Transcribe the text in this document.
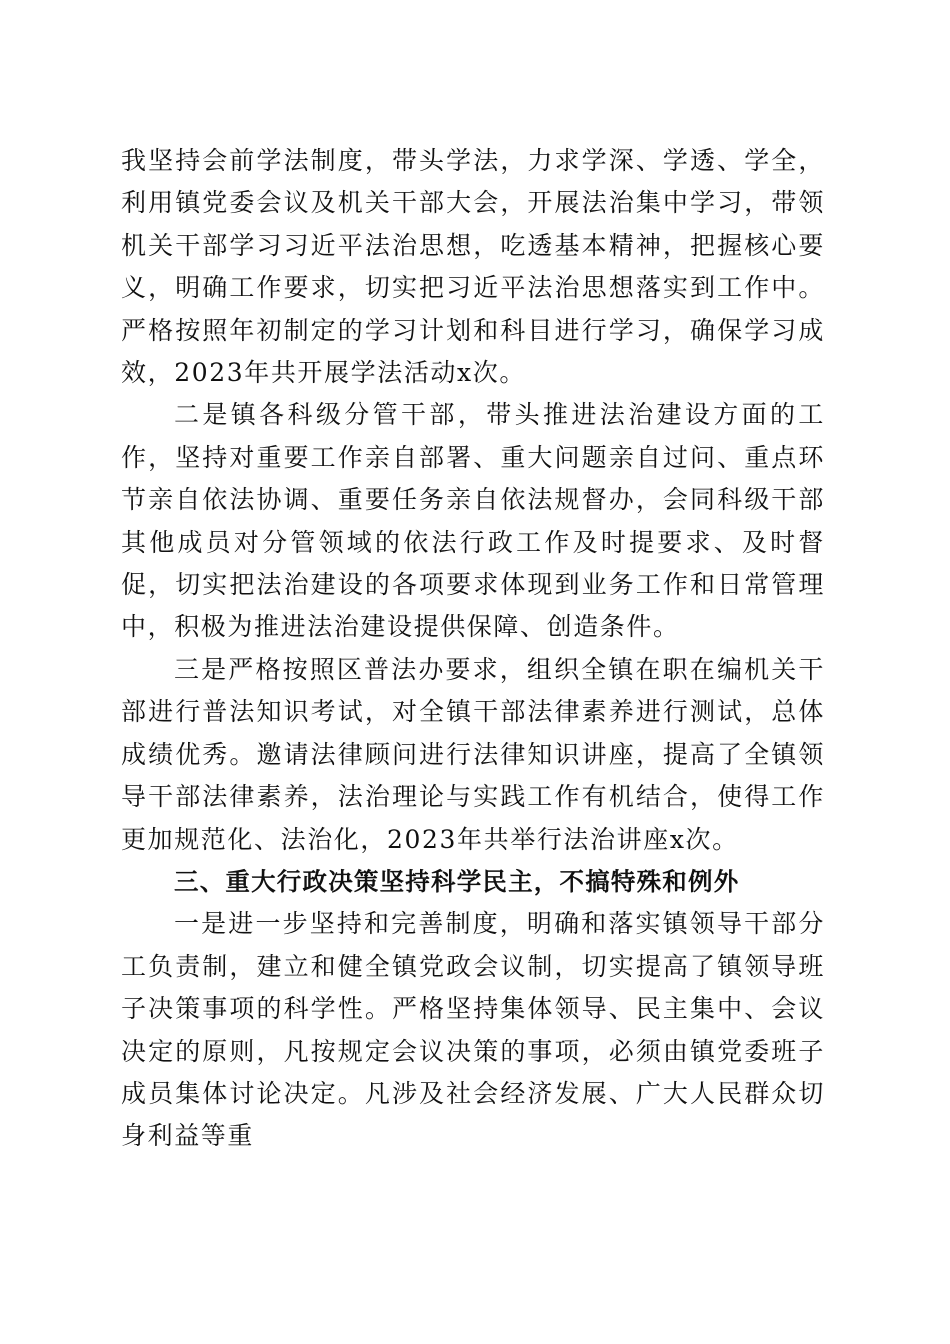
我坚持会前学法制度，带头学法，力求学深、学透、学全，利用镇党委会议及机关干部大会，开展法治集中学习，带领机关干部学习习近平法治思想，吃透基本精神，把握核心要义，明确工作要求，切实把习近平法治思想落实到工作中。严格按照年初制定的学习计划和科目进行学习，确保学习成效，2023年共开展学法活动x次。

二是镇各科级分管干部，带头推进法治建设方面的工作，坚持对重要工作亲自部署、重大问题亲自过问、重点环节亲自依法协调、重要任务亲自依法规督办，会同科级干部其他成员对分管领域的依法行政工作及时提要求、及时督促，切实把法治建设的各项要求体现到业务工作和日常管理中，积极为推进法治建设提供保障、创造条件。

三是严格按照区普法办要求，组织全镇在职在编机关干部进行普法知识考试，对全镇干部法律素养进行测试，总体成绩优秀。邀请法律顾问进行法律知识讲座，提高了全镇领导干部法律素养，法治理论与实践工作有机结合，使得工作更加规范化、法治化，2023年共举行法治讲座x次。

三、重大行政决策坚持科学民主，不搞特殊和例外

一是进一步坚持和完善制度，明确和落实镇领导干部分工负责制，建立和健全镇党政会议制，切实提高了镇领导班子决策事项的科学性。严格坚持集体领导、民主集中、会议决定的原则，凡按规定会议决策的事项，必须由镇党委班子成员集体讨论决定。凡涉及社会经济发展、广大人民群众切身利益等重
